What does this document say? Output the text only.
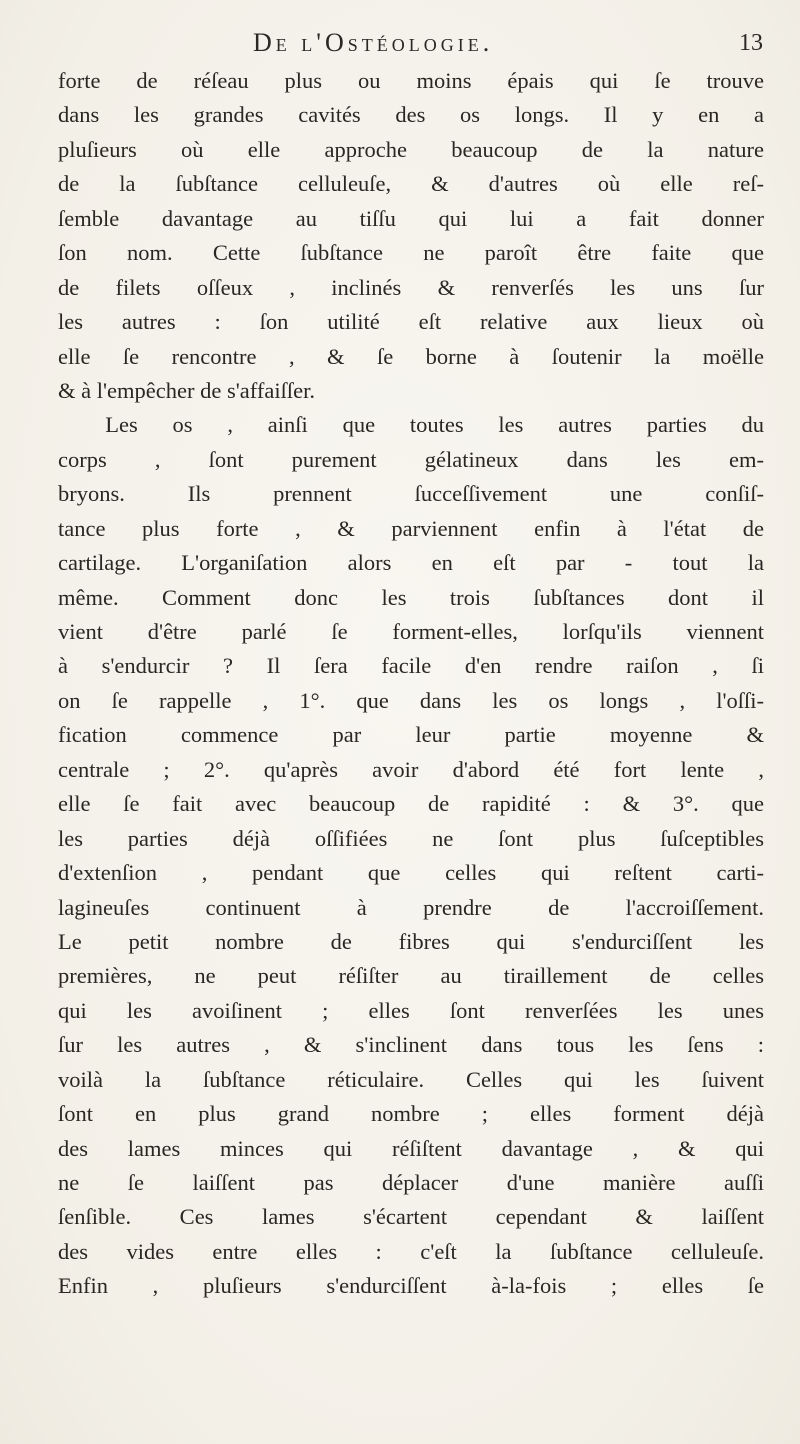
De l'Ostéologie.	13
forte de réſeau plus ou moins épais qui ſe trouve
dans les grandes cavités des os longs. Il y en a
pluſieurs où elle approche beaucoup de la nature
de la ſubſtance celluleuſe, & d'autres où elle reſ-
ſemble davantage au tiſſu qui lui a fait donner
ſon nom. Cette ſubſtance ne paroît être faite que
de filets oſſeux , inclinés & renverſés les uns ſur
les autres : ſon utilité eſt relative aux lieux où
elle ſe rencontre , & ſe borne à ſoutenir la moëlle
& à l'empêcher de s'affaiſſer.
Les os , ainſi que toutes les autres parties du
corps , ſont purement gélatineux dans les em-
bryons. Ils prennent ſucceſſivement une conſiſ-
tance plus forte , & parviennent enfin à l'état de
cartilage. L'organiſation alors en eſt par - tout la
même. Comment donc les trois ſubſtances dont il
vient d'être parlé ſe forment-elles, lorſqu'ils viennent
à s'endurcir ? Il ſera facile d'en rendre raiſon , ſi
on ſe rappelle , 1°. que dans les os longs , l'oſſi-
fication commence par leur partie moyenne &
centrale ; 2°. qu'après avoir d'abord été fort lente ,
elle ſe fait avec beaucoup de rapidité : & 3°. que
les parties déjà oſſifiées ne ſont plus ſuſceptibles
d'extenſion , pendant que celles qui reſtent carti-
lagineuſes continuent à prendre de l'accroiſſement.
Le petit nombre de fibres qui s'endurciſſent les
premières, ne peut réſiſter au tiraillement de celles
qui les avoiſinent ; elles ſont renverſées les unes
ſur les autres , & s'inclinent dans tous les ſens :
voilà la ſubſtance réticulaire. Celles qui les ſuivent
ſont en plus grand nombre ; elles forment déjà
des lames minces qui réſiſtent davantage , & qui
ne ſe laiſſent pas déplacer d'une manière auſſi
ſenſible. Ces lames s'écartent cependant & laiſſent
des vides entre elles : c'eſt la ſubſtance celluleuſe.
Enfin , pluſieurs s'endurciſſent à-la-fois ; elles ſe
